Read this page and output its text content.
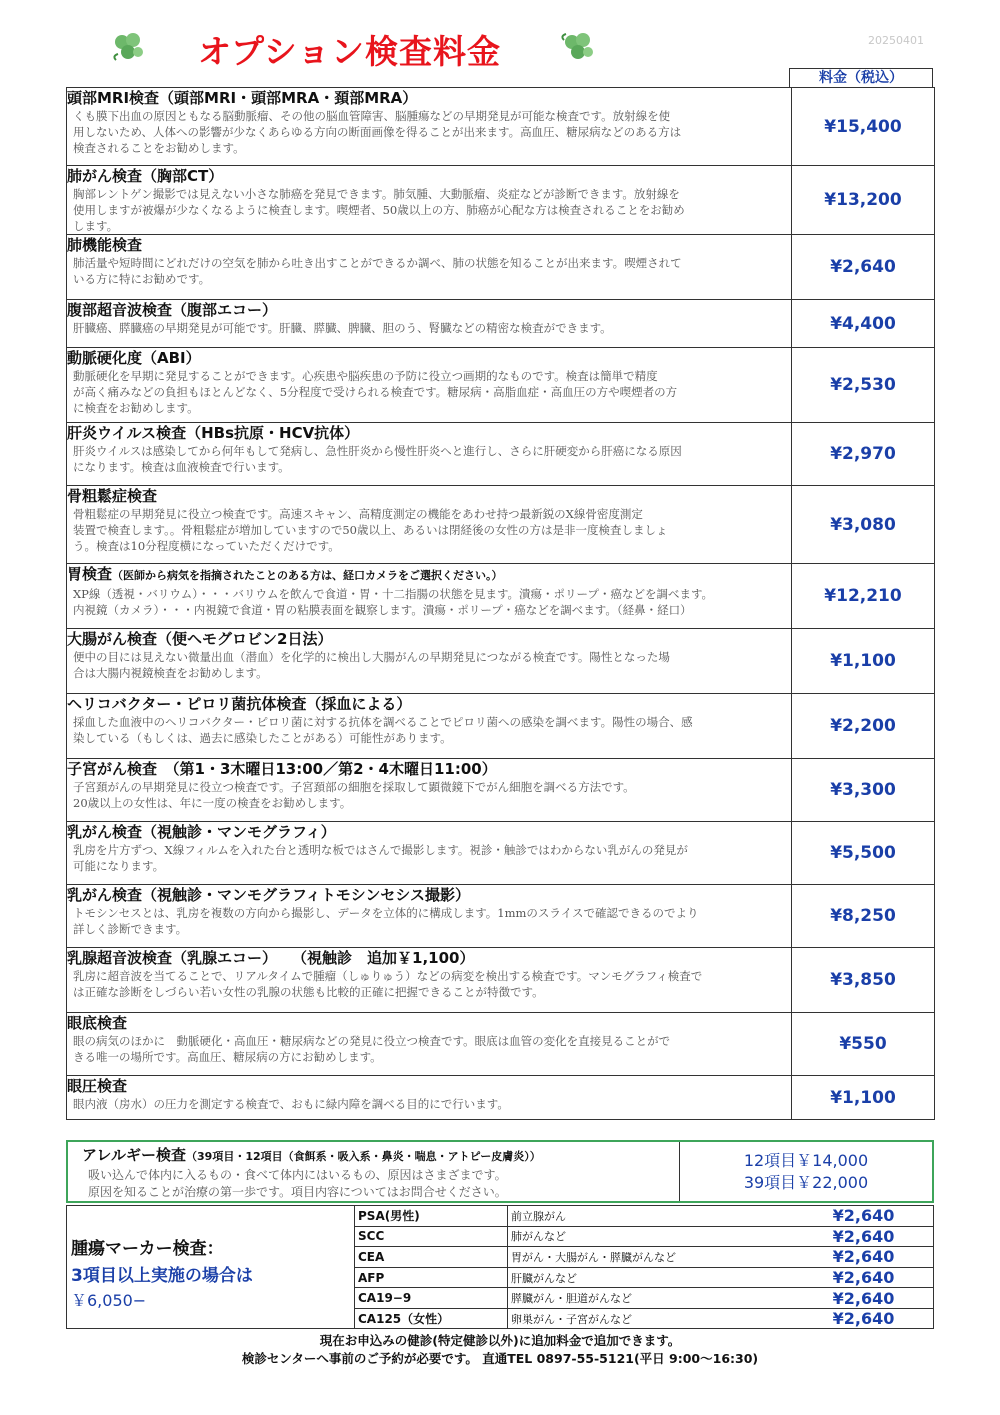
オプション検査料金	20250401
料金（税込）
頭部MRI検査（頭部MRI・頭部MRA・頚部MRA）
くも膜下出血の原因ともなる脳動脈瘤、その他の脳血管障害、脳腫瘍などの早期発見が可能な検査です。放射線を使
用しないため、人体への影響が少なくあらゆる方向の断面画像を得ることが出来ます。高血圧、糖尿病などのある方は
検査されることをお勧めします。	¥15,400

肺がん検査（胸部CT）
胸部レントゲン撮影では見えない小さな肺癌を発見できます。肺気腫、大動脈瘤、炎症などが診断できます。放射線を
使用しますが被爆が少なくなるように検査します。喫煙者、50歳以上の方、肺癌が心配な方は検査されることをお勧め
します。	¥13,200

肺機能検査
肺活量や短時間にどれだけの空気を肺から吐き出すことができるか調べ、肺の状態を知ることが出来ます。喫煙されて
いる方に特にお勧めです。	¥2,640

腹部超音波検査（腹部エコー）
肝臓癌、膵臓癌の早期発見が可能です。肝臓、膵臓、脾臓、胆のう、腎臓などの精密な検査ができます。	¥4,400

動脈硬化度（ABI）
動脈硬化を早期に発見することができます。心疾患や脳疾患の予防に役立つ画期的なものです。検査は簡単で精度
が高く痛みなどの負担もほとんどなく、5分程度で受けられる検査です。糖尿病・高脂血症・高血圧の方や喫煙者の方
に検査をお勧めします。	¥2,530

肝炎ウイルス検査（HBs抗原・HCV抗体）
肝炎ウイルスは感染してから何年もして発病し、急性肝炎から慢性肝炎へと進行し、さらに肝硬変から肝癌になる原因
になります。検査は血液検査で行います。	¥2,970

骨粗鬆症検査
骨粗鬆症の早期発見に役立つ検査です。高速スキャン、高精度測定の機能をあわせ持つ最新鋭のX線骨密度測定
装置で検査します。。骨粗鬆症が増加していますので50歳以上、あるいは閉経後の女性の方は是非一度検査しましょ
う。検査は10分程度横になっていただくだけです。	¥3,080

胃検査（医師から病気を指摘されたことのある方は、経口カメラをご選択ください。）
XP線（透視・バリウム）・・・バリウムを飲んで食道・胃・十二指腸の状態を見ます。潰瘍・ポリープ・癌などを調べます。
内視鏡（カメラ）・・・内視鏡で食道・胃の粘膜表面を観察します。潰瘍・ポリープ・癌などを調べます。（経鼻・経口）	¥12,210

大腸がん検査（便ヘモグロビン2日法）
便中の目には見えない微量出血（潜血）を化学的に検出し大腸がんの早期発見につながる検査です。陽性となった場
合は大腸内視鏡検査をお勧めします。	¥1,100

ヘリコバクター・ピロリ菌抗体検査（採血による）
採血した血液中のヘリコバクター・ピロリ菌に対する抗体を調べることでピロリ菌への感染を調べます。陽性の場合、感
染している（もしくは、過去に感染したことがある）可能性があります。	¥2,200

子宮がん検査　（第1・3木曜日13:00／第2・4木曜日11:00）
子宮頚がんの早期発見に役立つ検査です。子宮頚部の細胞を採取して顕微鏡下でがん細胞を調べる方法です。
20歳以上の女性は、年に一度の検査をお勧めします。	¥3,300

乳がん検査（視触診・マンモグラフィ）
乳房を片方ずつ、X線フィルムを入れた台と透明な板ではさんで撮影します。視診・触診ではわからない乳がんの発見が
可能になります。	¥5,500

乳がん検査（視触診・マンモグラフィトモシンセシス撮影）
トモシンセスとは、乳房を複数の方向から撮影し、データを立体的に構成します。1mmのスライスで確認できるのでより
詳しく診断できます。	¥8,250

乳腺超音波検査（乳腺エコー）　　（視触診　追加￥1,100）
乳房に超音波を当てることで、リアルタイムで腫瘤（しゅりゅう）などの病変を検出する検査です。マンモグラフィ検査で
は正確な診断をしづらい若い女性の乳腺の状態も比較的正確に把握できることが特徴です。	¥3,850

眼底検査
眼の病気のほかに　動脈硬化・高血圧・糖尿病などの発見に役立つ検査です。眼底は血管の変化を直接見ることがで
きる唯一の場所です。高血圧、糖尿病の方にお勧めします。	¥550

眼圧検査
眼内液（房水）の圧力を測定する検査で、おもに緑内障を調べる目的にで行います。	¥1,100
アレルギー検査（39項目・12項目（食餌系・吸入系・鼻炎・喘息・アトピー皮膚炎））
吸い込んで体内に入るもの・食べて体内にはいるもの、原因はさまざまです。
原因を知ることが治療の第一歩です。項目内容についてはお問合せください。
12項目￥14,000
39項目￥22,000
腫瘍マーカー検査：
3項目以上実施の場合は
￥6,050−
PSA(男性)	前立腺がん	¥2,640
SCC	肺がんなど	¥2,640
CEA	胃がん・大腸がん・膵臓がんなど	¥2,640
AFP	肝臓がんなど	¥2,640
CA19−9	膵臓がん・胆道がんなど	¥2,640
CA125（女性）	卵巣がん・子宮がんなど	¥2,640
現在お申込みの健診(特定健診以外)に追加料金で追加できます。
検診センターへ事前のご予約が必要です。 直通TEL 0897-55-5121(平日 9:00〜16:30)
